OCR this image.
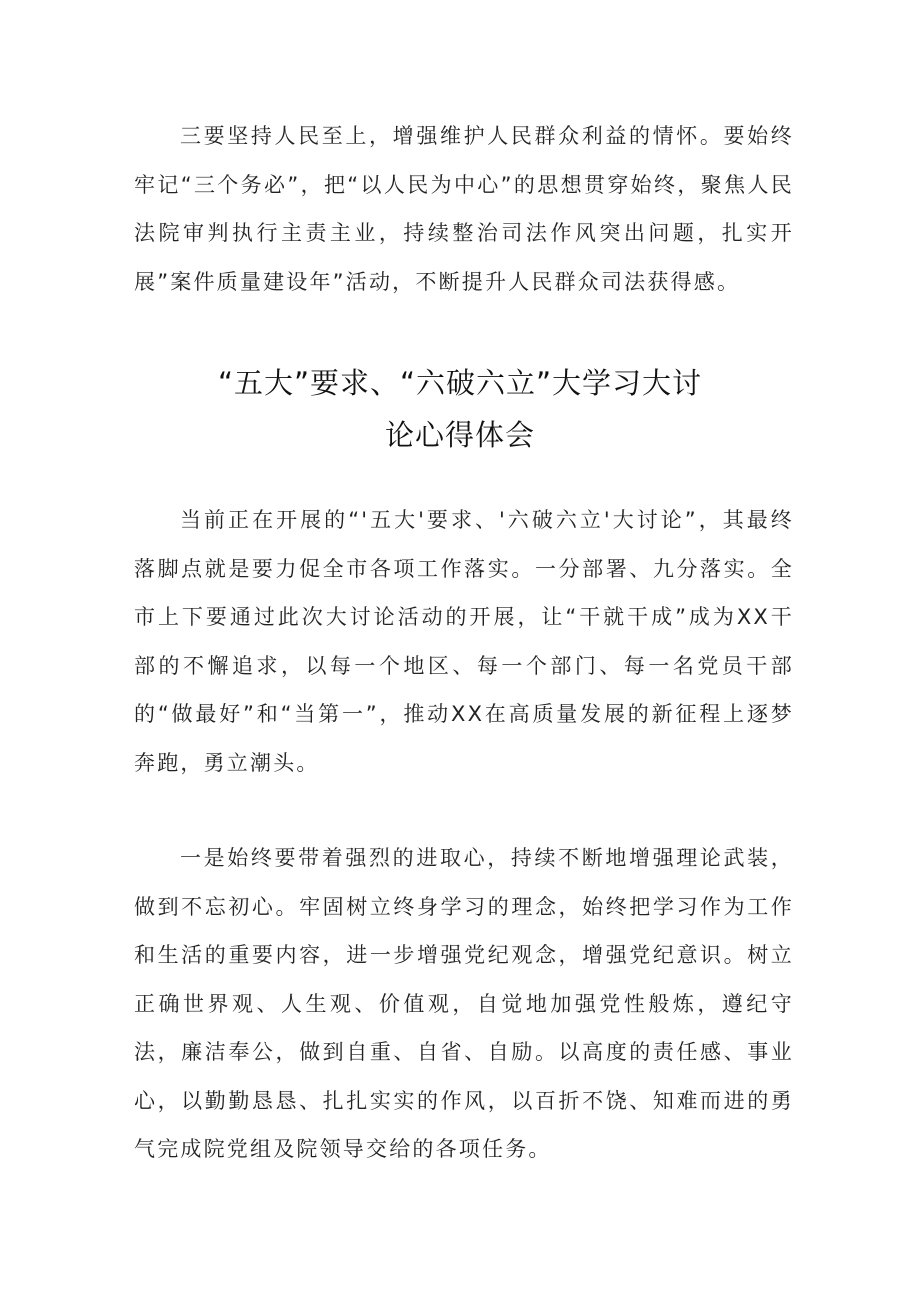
三要坚持人民至上，增强维护人民群众利益的情怀。要始终牢记“三个务必”，把“以人民为中心”的思想贯穿始终，聚焦人民法院审判执行主责主业，持续整治司法作风突出问题，扎实开展”案件质量建设年”活动，不断提升人民群众司法获得感。

“五大”要求、“六破六立”大学习大讨
论心得体会

当前正在开展的“'五大'要求、'六破六立'大讨论”，其最终落脚点就是要力促全市各项工作落实。一分部署、九分落实。全市上下要通过此次大讨论活动的开展，让“干就干成”成为XX干部的不懈追求，以每一个地区、每一个部门、每一名党员干部的“做最好”和“当第一”，推动XX在高质量发展的新征程上逐梦奔跑，勇立潮头。

一是始终要带着强烈的进取心，持续不断地增强理论武装，做到不忘初心。牢固树立终身学习的理念，始终把学习作为工作和生活的重要内容，进一步增强党纪观念，增强党纪意识。树立正确世界观、人生观、价值观，自觉地加强党性般炼，遵纪守法，廉洁奉公，做到自重、自省、自励。以高度的责任感、事业心，以勤勤恳恳、扎扎实实的作风，以百折不饶、知难而进的勇气完成院党组及院领导交给的各项任务。
